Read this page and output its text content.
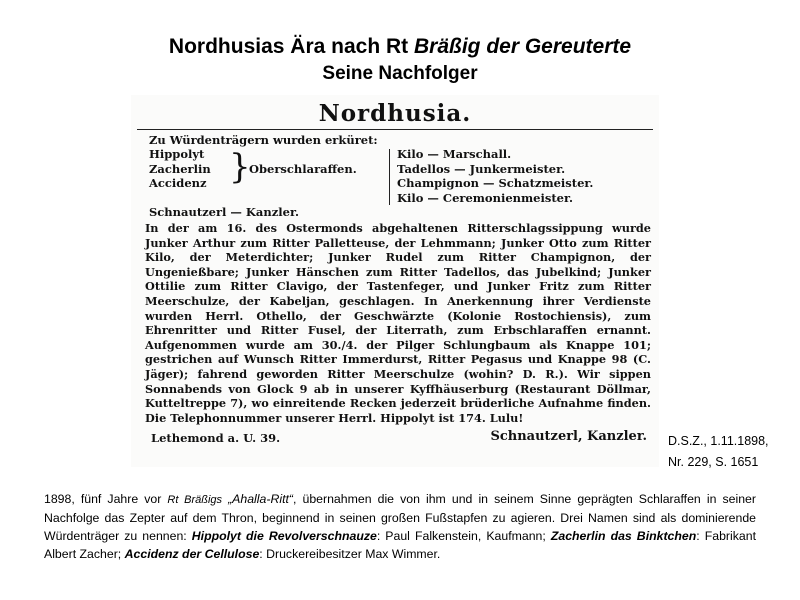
Nordhusias Ära nach Rt Bräßig der Gereuterte
Seine Nachfolger
Nordhusia.
Zu Würdenträgern wurden erküret:
Hippolyt
Zacherlin
Accidenz }
Oberschlaraffen.
Kilo — Marschall.
Tadellos — Junkermeister.
Champignon — Schatzmeister.
Kilo — Ceremonienmeister.
Schnautzerl — Kanzler.
In der am 16. des Ostermonds abgehaltenen Ritterschlagssippung wurde Junker Arthur zum Ritter Palletteuse, der Lehmmann; Junker Otto zum Ritter Kilo, der Meterdichter; Junker Rudel zum Ritter Champignon, der Ungenießbare; Junker Hänschen zum Ritter Tadellos, das Jubelkind; Junker Ottilie zum Ritter Clavigo, der Tastenfeger, und Junker Fritz zum Ritter Meerschulze, der Kabeljan, geschlagen. In Anerkennung ihrer Verdienste wurden Herrl. Othello, der Geschwärzte (Kolonie Rostochiensis), zum Ehrenritter und Ritter Fusel, der Literrath, zum Erbschlaraffen ernannt. Aufgenommen wurde am 30./4. der Pilger Schlungbaum als Knappe 101; gestrichen auf Wunsch Ritter Immerdurst, Ritter Pegasus und Knappe 98 (C. Jäger); fahrend geworden Ritter Meerschulze (wohin? D. R.). Wir sippen Sonnabends von Glock 9 ab in unserer Kyffhäuserburg (Restaurant Döllmar, Kutteltreppe 7), wo einreitende Recken jederzeit brüderliche Aufnahme finden. Die Telephonnummer unserer Herrl. Hippolyt ist 174. Lulu!
Lethemond a. U. 39.	Schnautzerl, Kanzler. D.S.Z., 1.11.1898,
Nr. 229, S. 1651
1898, fünf Jahre vor Rt Bräßigs „Ahalla-Ritt“, übernahmen die von ihm und in seinem Sinne geprägten Schlaraffen in seiner Nachfolge das Zepter auf dem Thron, beginnend in seinen großen Fußstapfen zu agieren. Drei Namen sind als dominierende Würdenträger zu nennen: Hippolyt die Revolverschnauze: Paul Falkenstein, Kaufmann; Zacherlin das Binktchen: Fabrikant Albert Zacher; Accidenz der Cellulose: Druckereibesitzer Max Wimmer.
